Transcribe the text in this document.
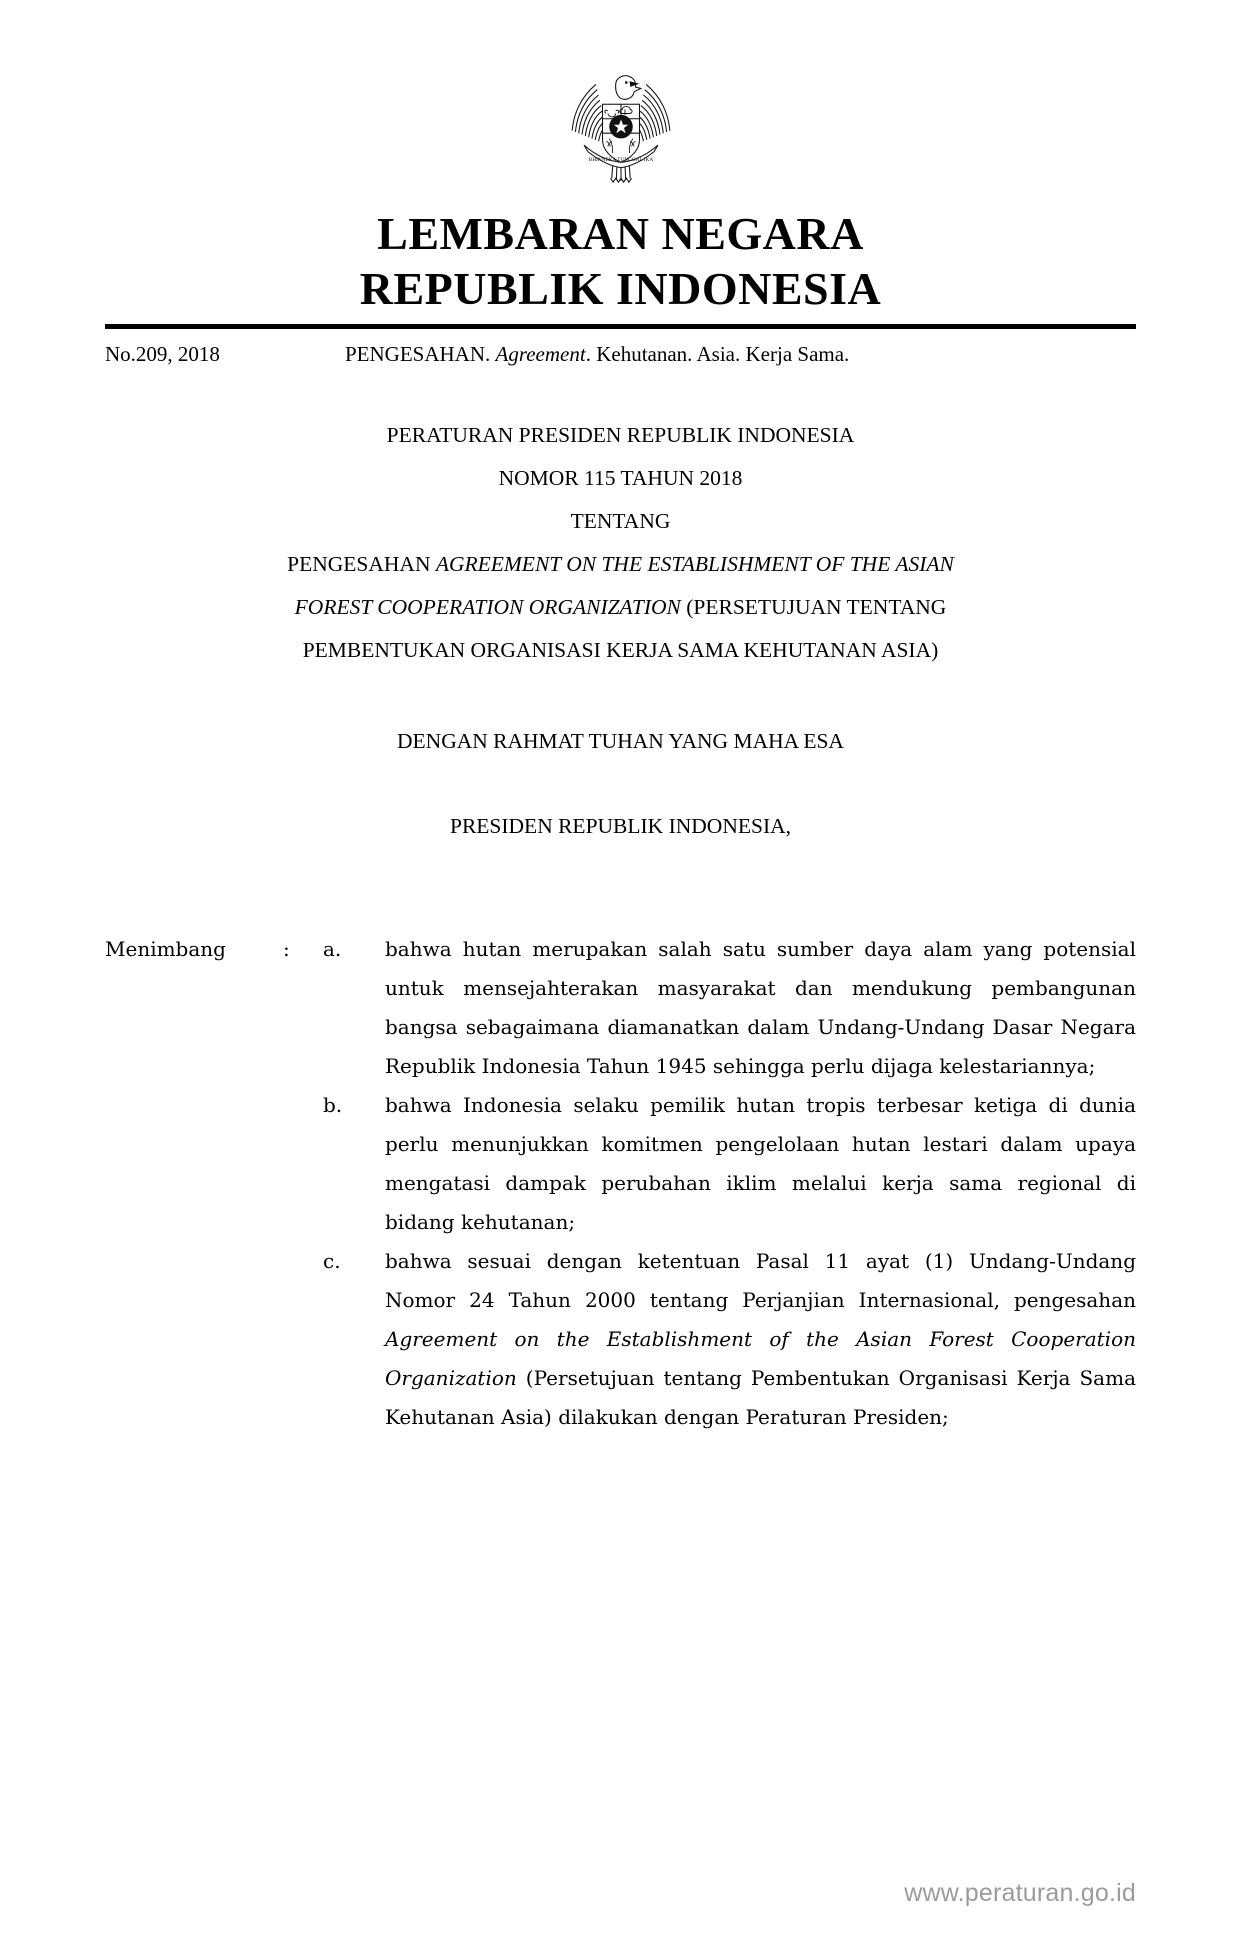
BHINNEKA TUNGGAL IKA
LEMBARAN NEGARA
REPUBLIK INDONESIA
No.209, 2018	PENGESAHAN. Agreement. Kehutanan. Asia. Kerja Sama.
PERATURAN PRESIDEN REPUBLIK INDONESIA
NOMOR 115 TAHUN 2018
TENTANG
PENGESAHAN AGREEMENT ON THE ESTABLISHMENT OF THE ASIAN
FOREST COOPERATION ORGANIZATION (PERSETUJUAN TENTANG
PEMBENTUKAN ORGANISASI KERJA SAMA KEHUTANAN ASIA)
DENGAN RAHMAT TUHAN YANG MAHA ESA
PRESIDEN REPUBLIK INDONESIA,
Menimbang	:	a.	bahwa hutan merupakan salah satu sumber daya alam yang potensial untuk mensejahterakan masyarakat dan mendukung pembangunan bangsa sebagaimana diamanatkan dalam Undang-Undang Dasar Negara Republik Indonesia Tahun 1945 sehingga perlu dijaga kelestariannya;
b.	bahwa Indonesia selaku pemilik hutan tropis terbesar ketiga di dunia perlu menunjukkan komitmen pengelolaan hutan lestari dalam upaya mengatasi dampak perubahan iklim melalui kerja sama regional di bidang kehutanan;
c.	bahwa sesuai dengan ketentuan Pasal 11 ayat (1) Undang-Undang Nomor 24 Tahun 2000 tentang Perjanjian Internasional, pengesahan Agreement on the Establishment of the Asian Forest Cooperation Organization (Persetujuan tentang Pembentukan Organisasi Kerja Sama Kehutanan Asia) dilakukan dengan Peraturan Presiden;
www.peraturan.go.id
